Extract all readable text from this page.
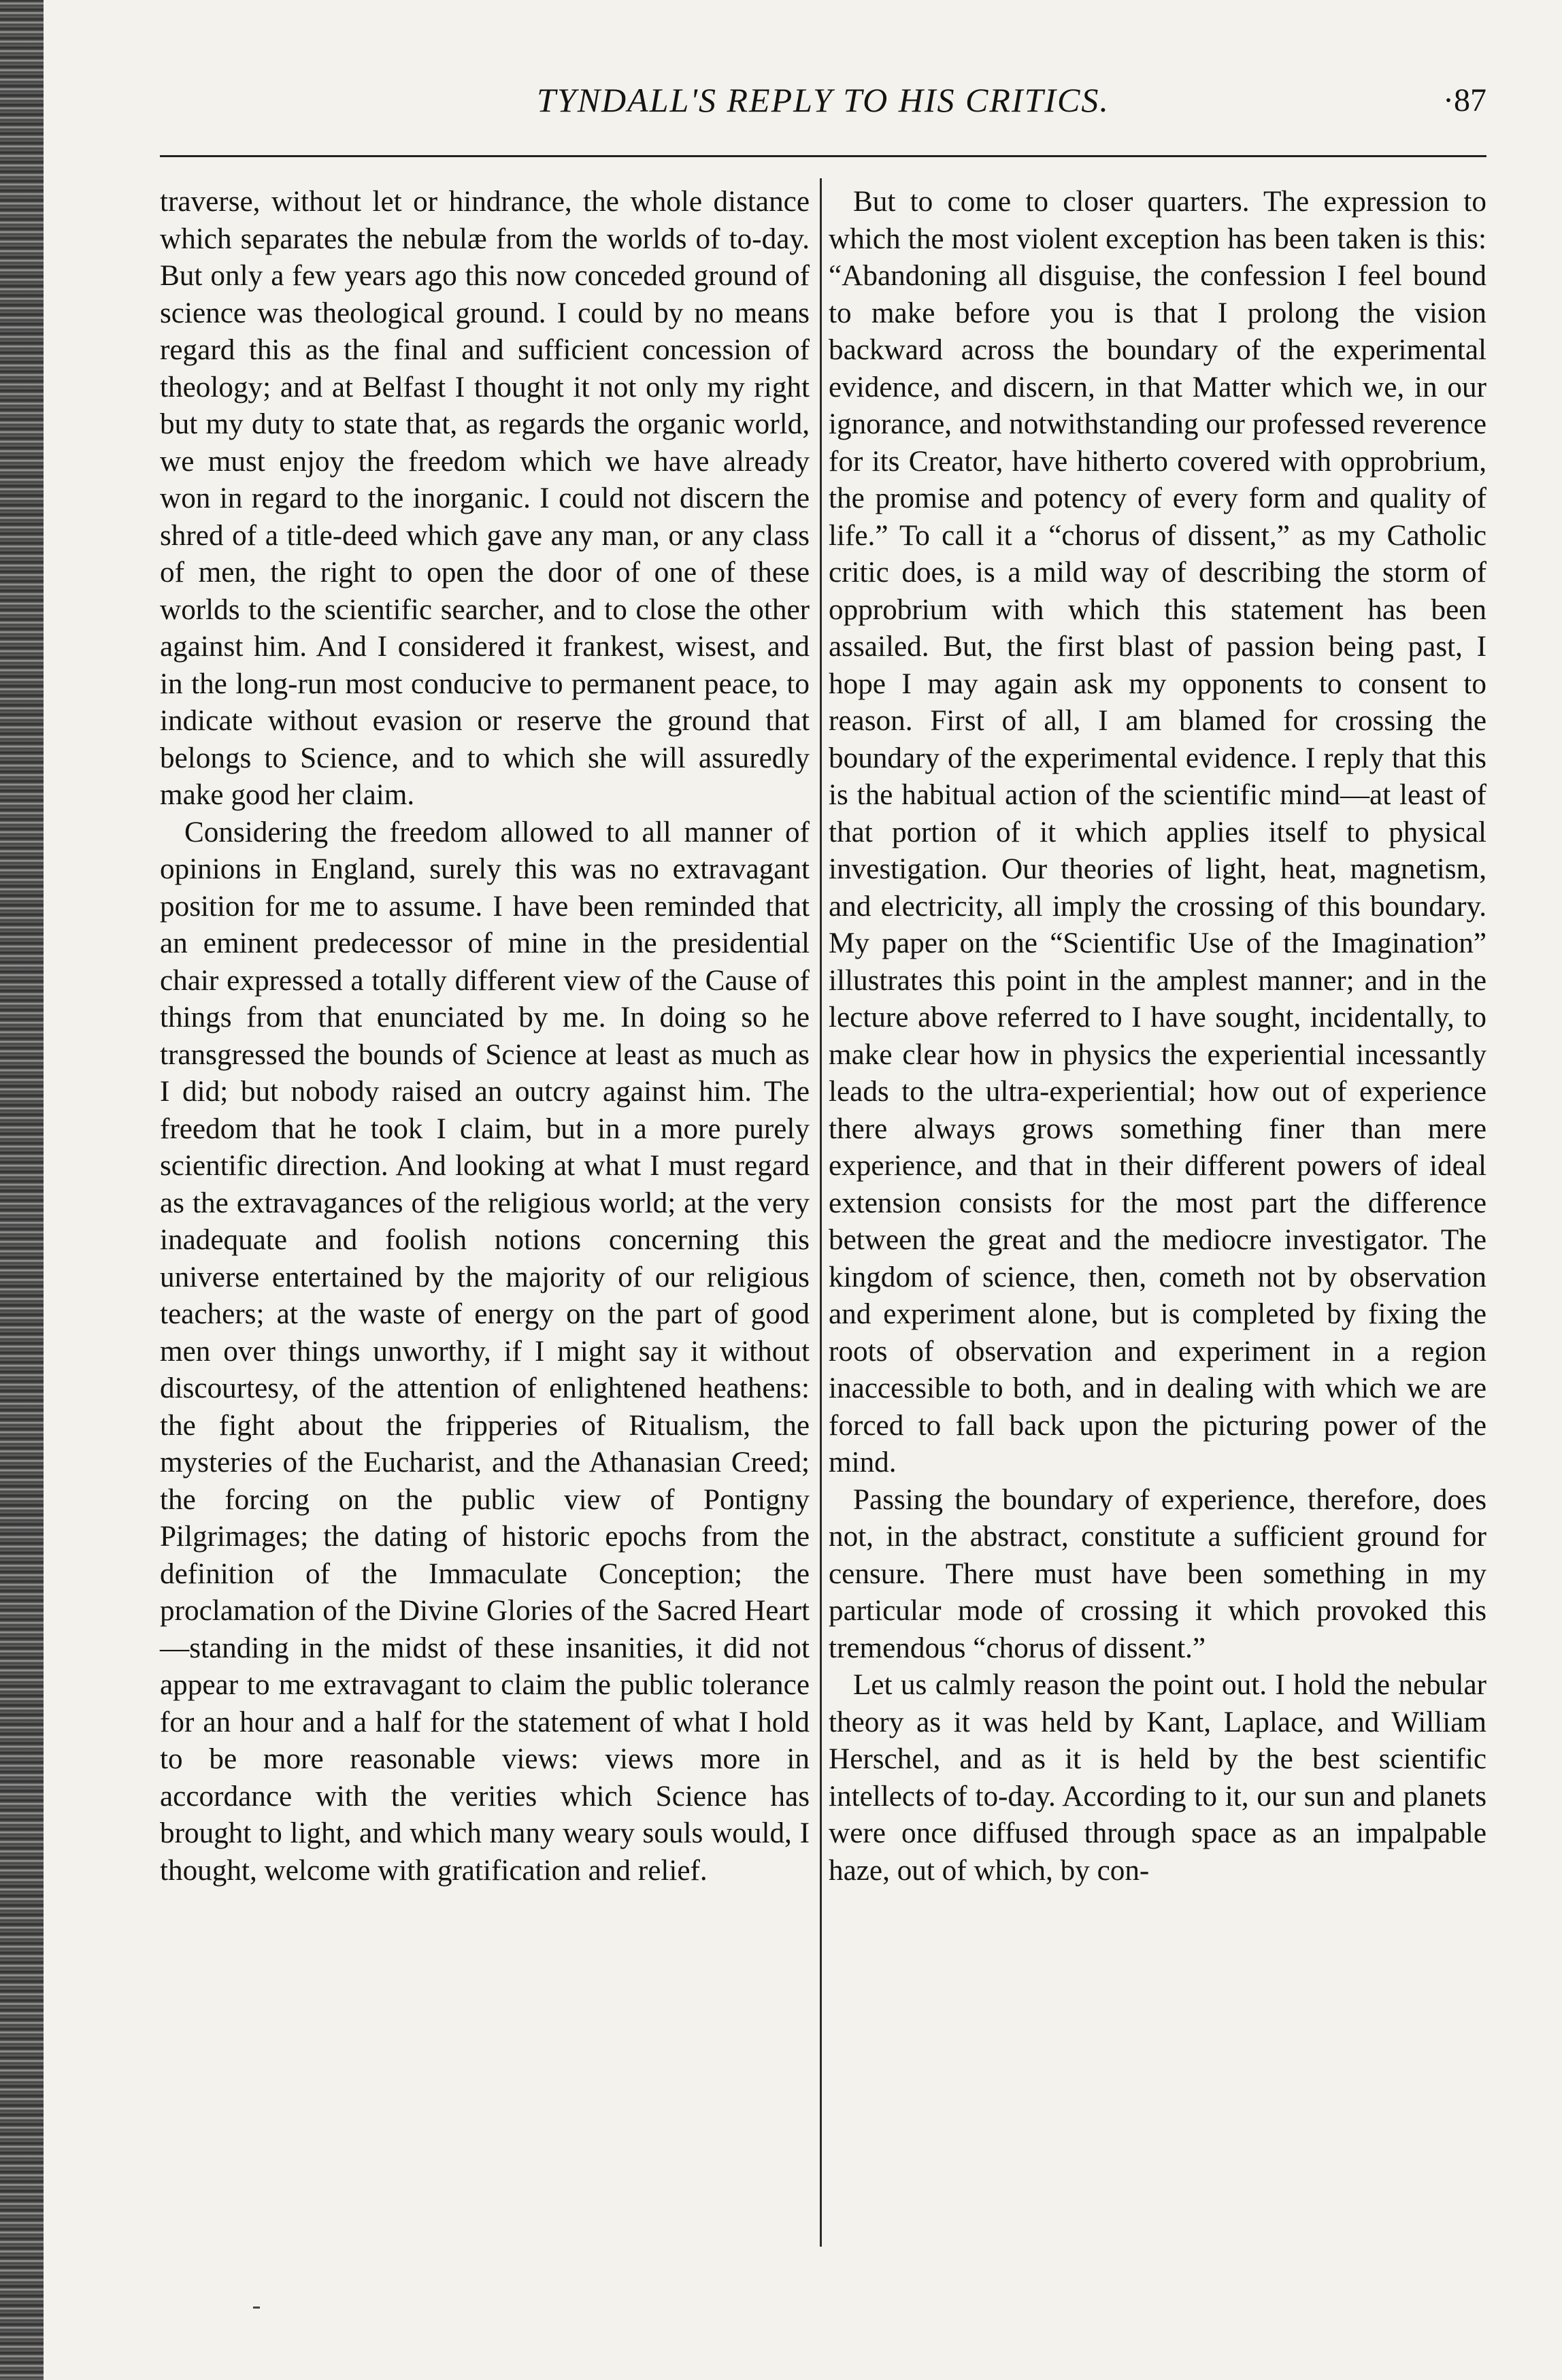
TYNDALL'S REPLY TO HIS CRITICS.	·87

traverse, without let or hindrance, the whole distance which separates the nebulæ from the worlds of to-day. But only a few years ago this now conceded ground of science was theological ground. I could by no means regard this as the final and sufficient concession of theology; and at Belfast I thought it not only my right but my duty to state that, as regards the organic world, we must enjoy the freedom which we have already won in regard to the inorganic. I could not discern the shred of a title-deed which gave any man, or any class of men, the right to open the door of one of these worlds to the scientific searcher, and to close the other against him. And I considered it frankest, wisest, and in the long-run most conducive to permanent peace, to indicate without evasion or reserve the ground that belongs to Science, and to which she will assuredly make good her claim.

Considering the freedom allowed to all manner of opinions in England, surely this was no extravagant position for me to assume. I have been reminded that an eminent predecessor of mine in the presidential chair expressed a totally different view of the Cause of things from that enunciated by me. In doing so he transgressed the bounds of Science at least as much as I did; but nobody raised an outcry against him. The freedom that he took I claim, but in a more purely scientific direction. And looking at what I must regard as the extravagances of the religious world; at the very inadequate and foolish notions concerning this universe entertained by the majority of our religious teachers; at the waste of energy on the part of good men over things unworthy, if I might say it without discourtesy, of the attention of enlightened heathens: the fight about the fripperies of Ritualism, the mysteries of the Eucharist, and the Athanasian Creed; the forcing on the public view of Pontigny Pilgrimages; the dating of historic epochs from the definition of the Immaculate Conception; the proclamation of the Divine Glories of the Sacred Heart—standing in the midst of these insanities, it did not appear to me extravagant to claim the public tolerance for an hour and a half for the statement of what I hold to be more reasonable views: views more in accordance with the verities which Science has brought to light, and which many weary souls would, I thought, welcome with gratification and relief.

But to come to closer quarters. The expression to which the most violent exception has been taken is this: “Abandoning all disguise, the confession I feel bound to make before you is that I prolong the vision backward across the boundary of the experimental evidence, and discern, in that Matter which we, in our ignorance, and notwithstanding our professed reverence for its Creator, have hitherto covered with opprobrium, the promise and potency of every form and quality of life.” To call it a “chorus of dissent,” as my Catholic critic does, is a mild way of describing the storm of opprobrium with which this statement has been assailed. But, the first blast of passion being past, I hope I may again ask my opponents to consent to reason. First of all, I am blamed for crossing the boundary of the experimental evidence. I reply that this is the habitual action of the scientific mind—at least of that portion of it which applies itself to physical investigation. Our theories of light, heat, magnetism, and electricity, all imply the crossing of this boundary. My paper on the “Scientific Use of the Imagination” illustrates this point in the amplest manner; and in the lecture above referred to I have sought, incidentally, to make clear how in physics the experiential incessantly leads to the ultra-experiential; how out of experience there always grows something finer than mere experience, and that in their different powers of ideal extension consists for the most part the difference between the great and the mediocre investigator. The kingdom of science, then, cometh not by observation and experiment alone, but is completed by fixing the roots of observation and experiment in a region inaccessible to both, and in dealing with which we are forced to fall back upon the picturing power of the mind.

Passing the boundary of experience, therefore, does not, in the abstract, constitute a sufficient ground for censure. There must have been something in my particular mode of crossing it which provoked this tremendous “chorus of dissent.”

Let us calmly reason the point out. I hold the nebular theory as it was held by Kant, Laplace, and William Herschel, and as it is held by the best scientific intellects of to-day. According to it, our sun and planets were once diffused through space as an impalpable haze, out of which, by con-
